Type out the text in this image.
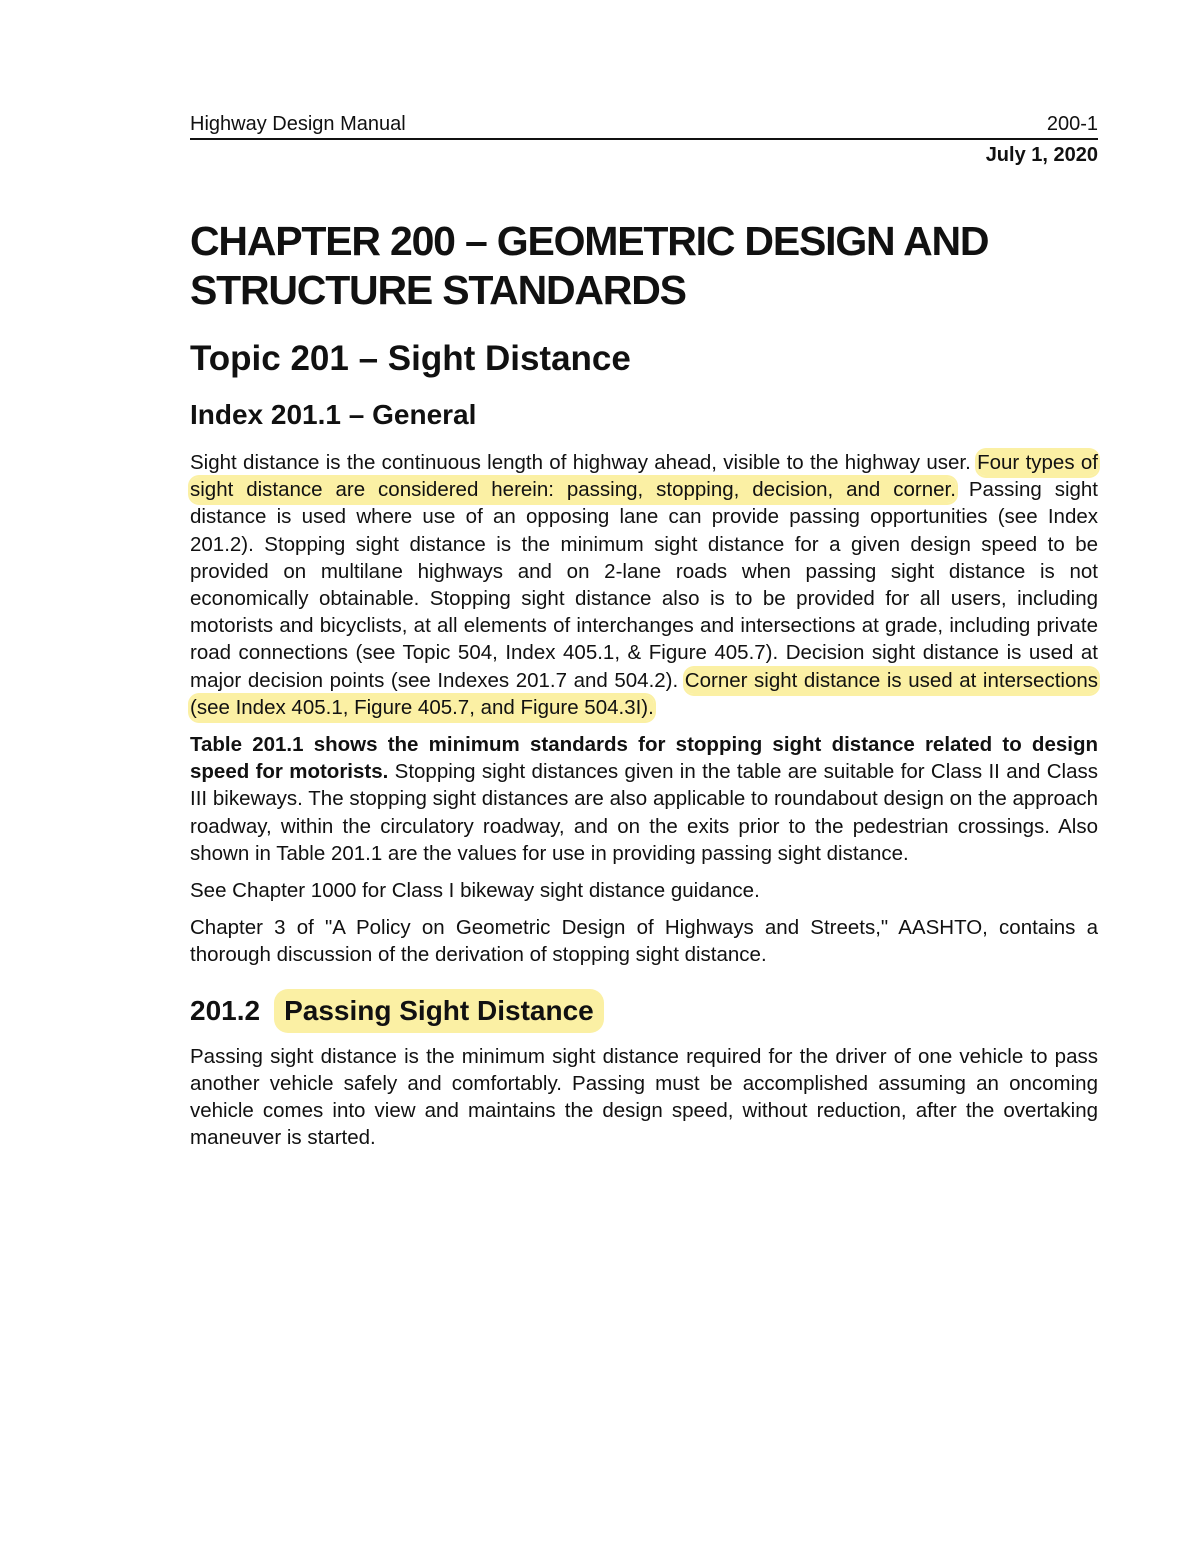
Highway Design Manual	200-1
July 1, 2020
CHAPTER 200 – GEOMETRIC DESIGN AND STRUCTURE STANDARDS
Topic 201 – Sight Distance
Index 201.1 – General

Sight distance is the continuous length of highway ahead, visible to the highway user. Four types of sight distance are considered herein: passing, stopping, decision, and corner. Passing sight distance is used where use of an opposing lane can provide passing opportunities (see Index 201.2). Stopping sight distance is the minimum sight distance for a given design speed to be provided on multilane highways and on 2-lane roads when passing sight distance is not economically obtainable. Stopping sight distance also is to be provided for all users, including motorists and bicyclists, at all elements of interchanges and intersections at grade, including private road connections (see Topic 504, Index 405.1, & Figure 405.7). Decision sight distance is used at major decision points (see Indexes 201.7 and 504.2). Corner sight distance is used at intersections (see Index 405.1, Figure 405.7, and Figure 504.3I).

Table 201.1 shows the minimum standards for stopping sight distance related to design speed for motorists. Stopping sight distances given in the table are suitable for Class II and Class III bikeways. The stopping sight distances are also applicable to roundabout design on the approach roadway, within the circulatory roadway, and on the exits prior to the pedestrian crossings. Also shown in Table 201.1 are the values for use in providing passing sight distance.

See Chapter 1000 for Class I bikeway sight distance guidance.

Chapter 3 of "A Policy on Geometric Design of Highways and Streets," AASHTO, contains a thorough discussion of the derivation of stopping sight distance.

201.2 Passing Sight Distance

Passing sight distance is the minimum sight distance required for the driver of one vehicle to pass another vehicle safely and comfortably. Passing must be accomplished assuming an oncoming vehicle comes into view and maintains the design speed, without reduction, after the overtaking maneuver is started.
